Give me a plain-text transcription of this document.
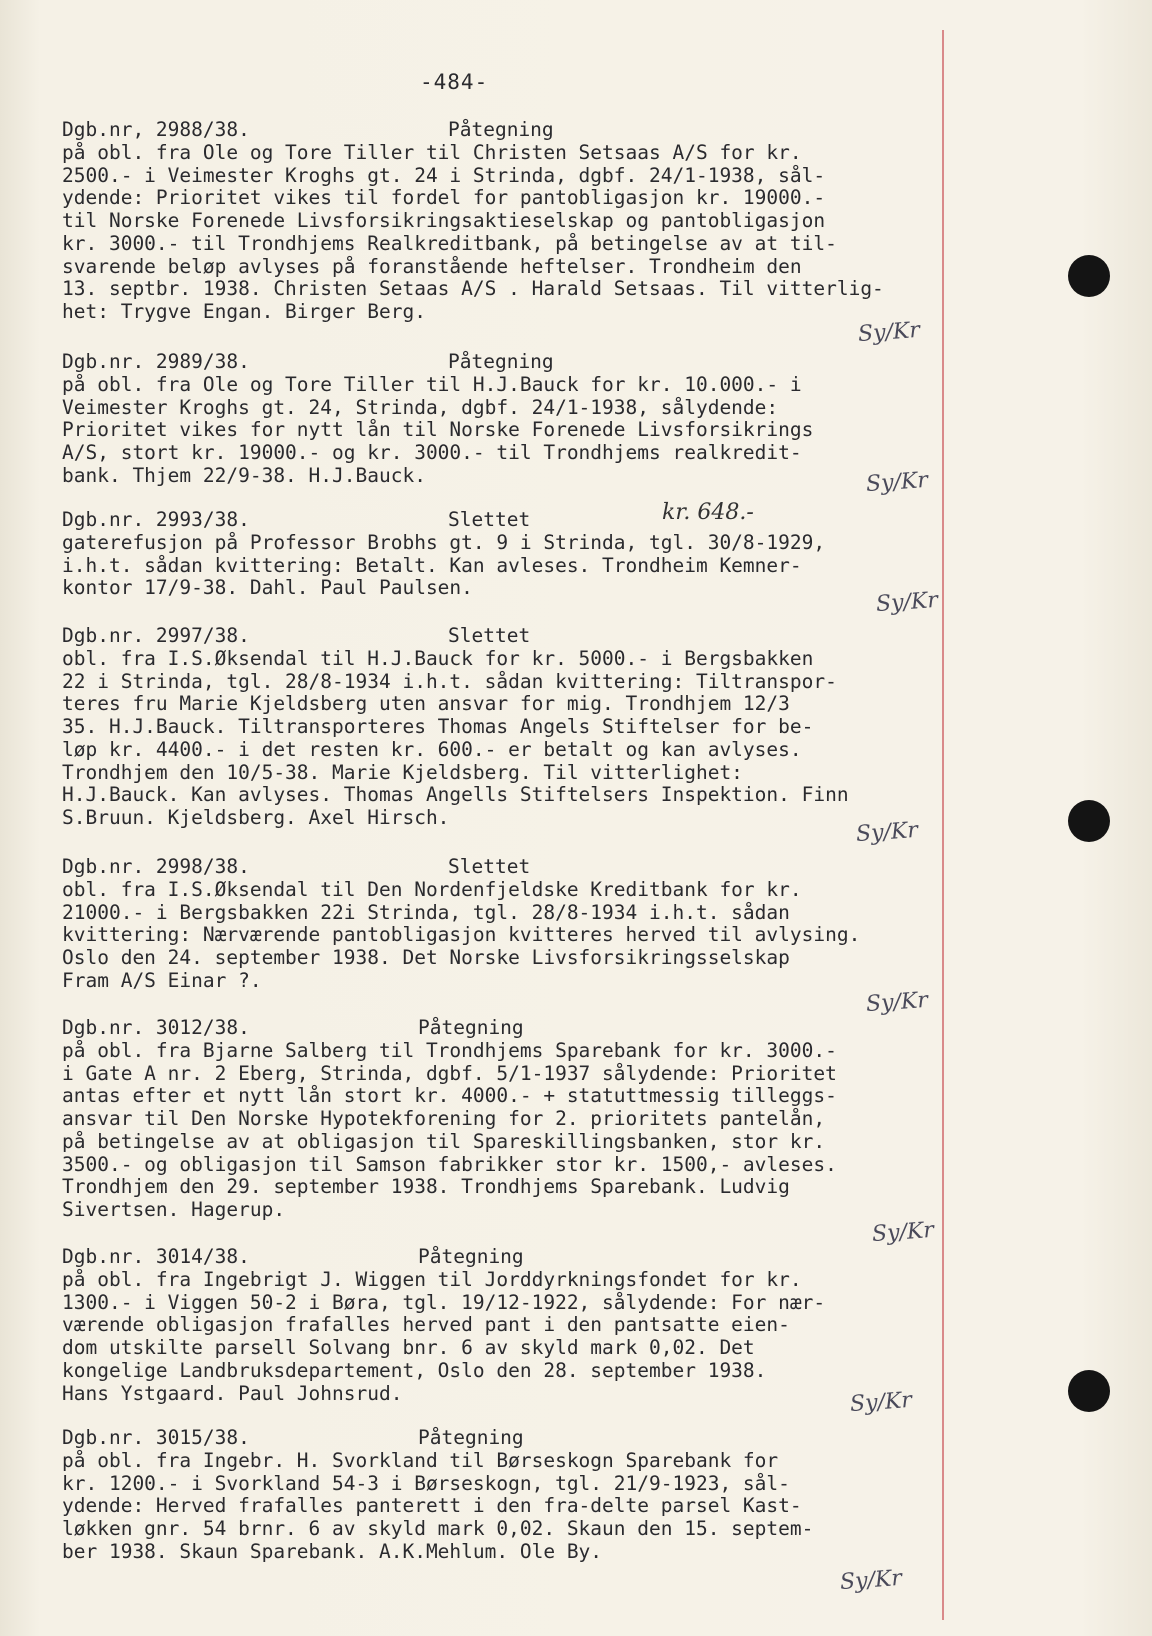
-484-
kr. 648.-
Dgb.nr, 2988/38.	Påtegning
på obl. fra Ole og Tore Tiller til Christen Setsaas A/S for kr.
2500.- i Veimester Kroghs gt. 24 i Strinda, dgbf. 24/1-1938, sål-
ydende: Prioritet vikes til fordel for pantobligasjon kr. 19000.-
til Norske Forenede Livsforsikringsaktieselskap og pantobligasjon
kr. 3000.- til Trondhjems Realkreditbank, på betingelse av at til-
svarende beløp avlyses på foranstående heftelser. Trondheim den
13. septbr. 1938. Christen Setaas A/S . Harald Setsaas. Til vitterlig-
het: Trygve Engan. Birger Berg.
Sy/Kr
Dgb.nr. 2989/38.	Påtegning
på obl. fra Ole og Tore Tiller til H.J.Bauck for kr. 10.000.- i
Veimester Kroghs gt. 24, Strinda, dgbf. 24/1-1938, sålydende:
Prioritet vikes for nytt lån til Norske Forenede Livsforsikrings
A/S, stort kr. 19000.- og kr. 3000.- til Trondhjems realkredit-
bank. Thjem 22/9-38. H.J.Bauck.	Sy/Kr
Dgb.nr. 2993/38.	Slettet
gaterefusjon på Professor Brobhs gt. 9 i Strinda, tgl. 30/8-1929,
i.h.t. sådan kvittering: Betalt. Kan avleses. Trondheim Kemner-
kontor 17/9-38. Dahl. Paul Paulsen.	Sy/Kr
Dgb.nr. 2997/38.	Slettet
obl. fra I.S.Øksendal til H.J.Bauck for kr. 5000.- i Bergsbakken
22 i Strinda, tgl. 28/8-1934 i.h.t. sådan kvittering: Tiltranspor-
teres fru Marie Kjeldsberg uten ansvar for mig. Trondhjem 12/3
35. H.J.Bauck. Tiltransporteres Thomas Angels Stiftelser for be-
løp kr. 4400.- i det resten kr. 600.- er betalt og kan avlyses.
Trondhjem den 10/5-38. Marie Kjeldsberg. Til vitterlighet:
H.J.Bauck. Kan avlyses. Thomas Angells Stiftelsers Inspektion. Finn
S.Bruun. Kjeldsberg. Axel Hirsch.
Sy/Kr
Dgb.nr. 2998/38.	Slettet
obl. fra I.S.Øksendal til Den Nordenfjeldske Kreditbank for kr.
21000.- i Bergsbakken 22i Strinda, tgl. 28/8-1934 i.h.t. sådan
kvittering: Nærværende pantobligasjon kvitteres herved til avlysing.
Oslo den 24. september 1938. Det Norske Livsforsikringsselskap
Fram A/S Einar ?.
Sy/Kr
Dgb.nr. 3012/38.	Påtegning
på obl. fra Bjarne Salberg til Trondhjems Sparebank for kr. 3000.-
i Gate A nr. 2 Eberg, Strinda, dgbf. 5/1-1937 sålydende: Prioritet
antas efter et nytt lån stort kr. 4000.- + statuttmessig tilleggs-
ansvar til Den Norske Hypotekforening for 2. prioritets pantelån,
på betingelse av at obligasjon til Spareskillingsbanken, stor kr.
3500.- og obligasjon til Samson fabrikker stor kr. 1500,- avleses.
Trondhjem den 29. september 1938. Trondhjems Sparebank. Ludvig
Sivertsen. Hagerup.
Sy/Kr
Dgb.nr. 3014/38.	Påtegning
på obl. fra Ingebrigt J. Wiggen til Jorddyrkningsfondet for kr.
1300.- i Viggen 50-2 i Børa, tgl. 19/12-1922, sålydende: For nær-
værende obligasjon frafalles herved pant i den pantsatte eien-
dom utskilte parsell Solvang bnr. 6 av skyld mark 0,02. Det
kongelige Landbruksdepartement, Oslo den 28. september 1938.
Hans Ystgaard. Paul Johnsrud.	Sy/Kr
Dgb.nr. 3015/38.	Påtegning
på obl. fra Ingebr. H. Svorkland til Børseskogn Sparebank for
kr. 1200.- i Svorkland 54-3 i Børseskogn, tgl. 21/9-1923, sål-
ydende: Herved frafalles panterett i den fra-delte parsel Kast-
løkken gnr. 54 brnr. 6 av skyld mark 0,02. Skaun den 15. septem-
ber 1938. Skaun Sparebank. A.K.Mehlum. Ole By.
Sy/Kr
